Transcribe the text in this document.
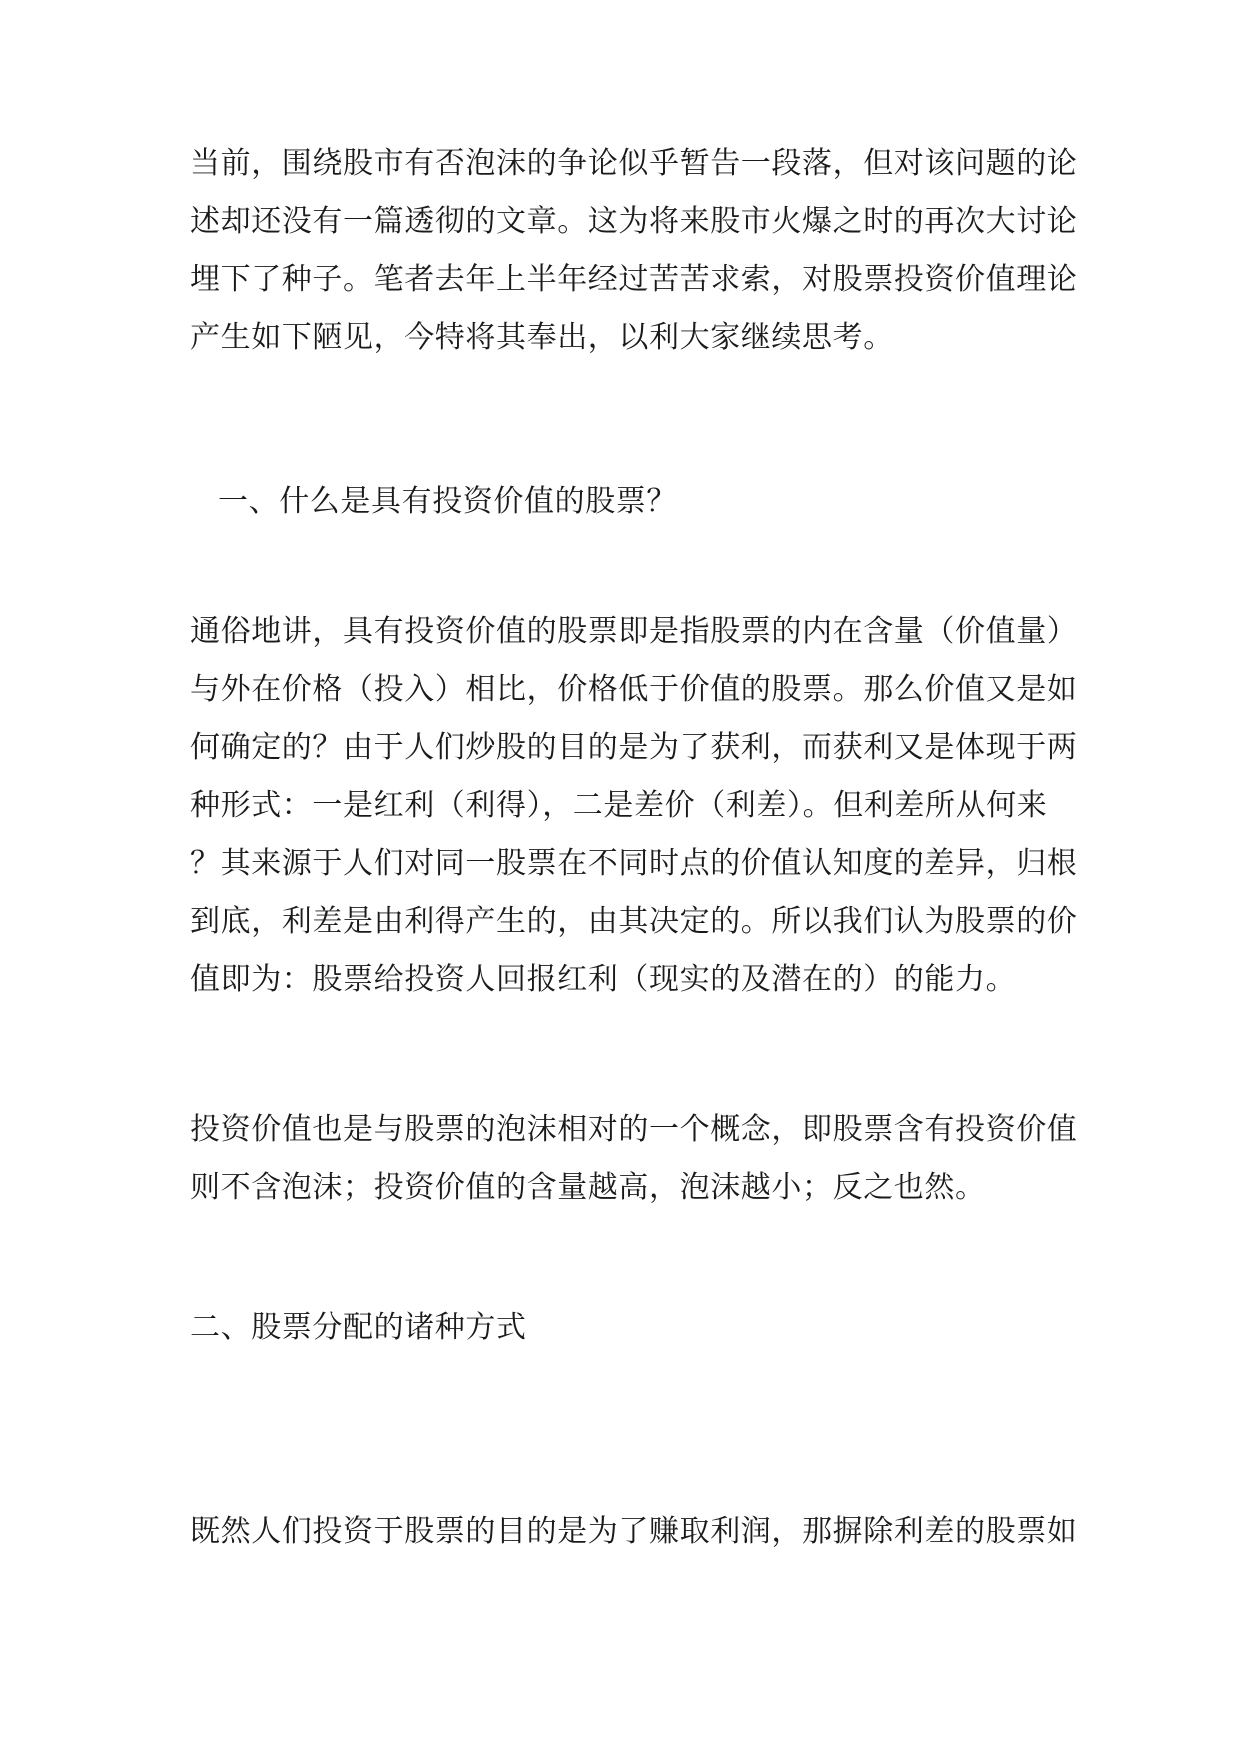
当前，围绕股市有否泡沫的争论似乎暂告一段落，但对该问题的论
述却还没有一篇透彻的文章。这为将来股市火爆之时的再次大讨论
埋下了种子。笔者去年上半年经过苦苦求索，对股票投资价值理论
产生如下陋见，今特将其奉出，以利大家继续思考。
一、什么是具有投资价值的股票？
通俗地讲，具有投资价值的股票即是指股票的内在含量（价值量）
与外在价格（投入）相比，价格低于价值的股票。那么价值又是如
何确定的？由于人们炒股的目的是为了获利，而获利又是体现于两
种形式：一是红利（利得），二是差价（利差）。但利差所从何来
？其来源于人们对同一股票在不同时点的价值认知度的差异，归根
到底，利差是由利得产生的，由其决定的。所以我们认为股票的价
值即为：股票给投资人回报红利（现实的及潜在的）的能力。
投资价值也是与股票的泡沫相对的一个概念，即股票含有投资价值
则不含泡沫；投资价值的含量越高，泡沫越小；反之也然。
二、股票分配的诸种方式
既然人们投资于股票的目的是为了赚取利润，那摒除利差的股票如
